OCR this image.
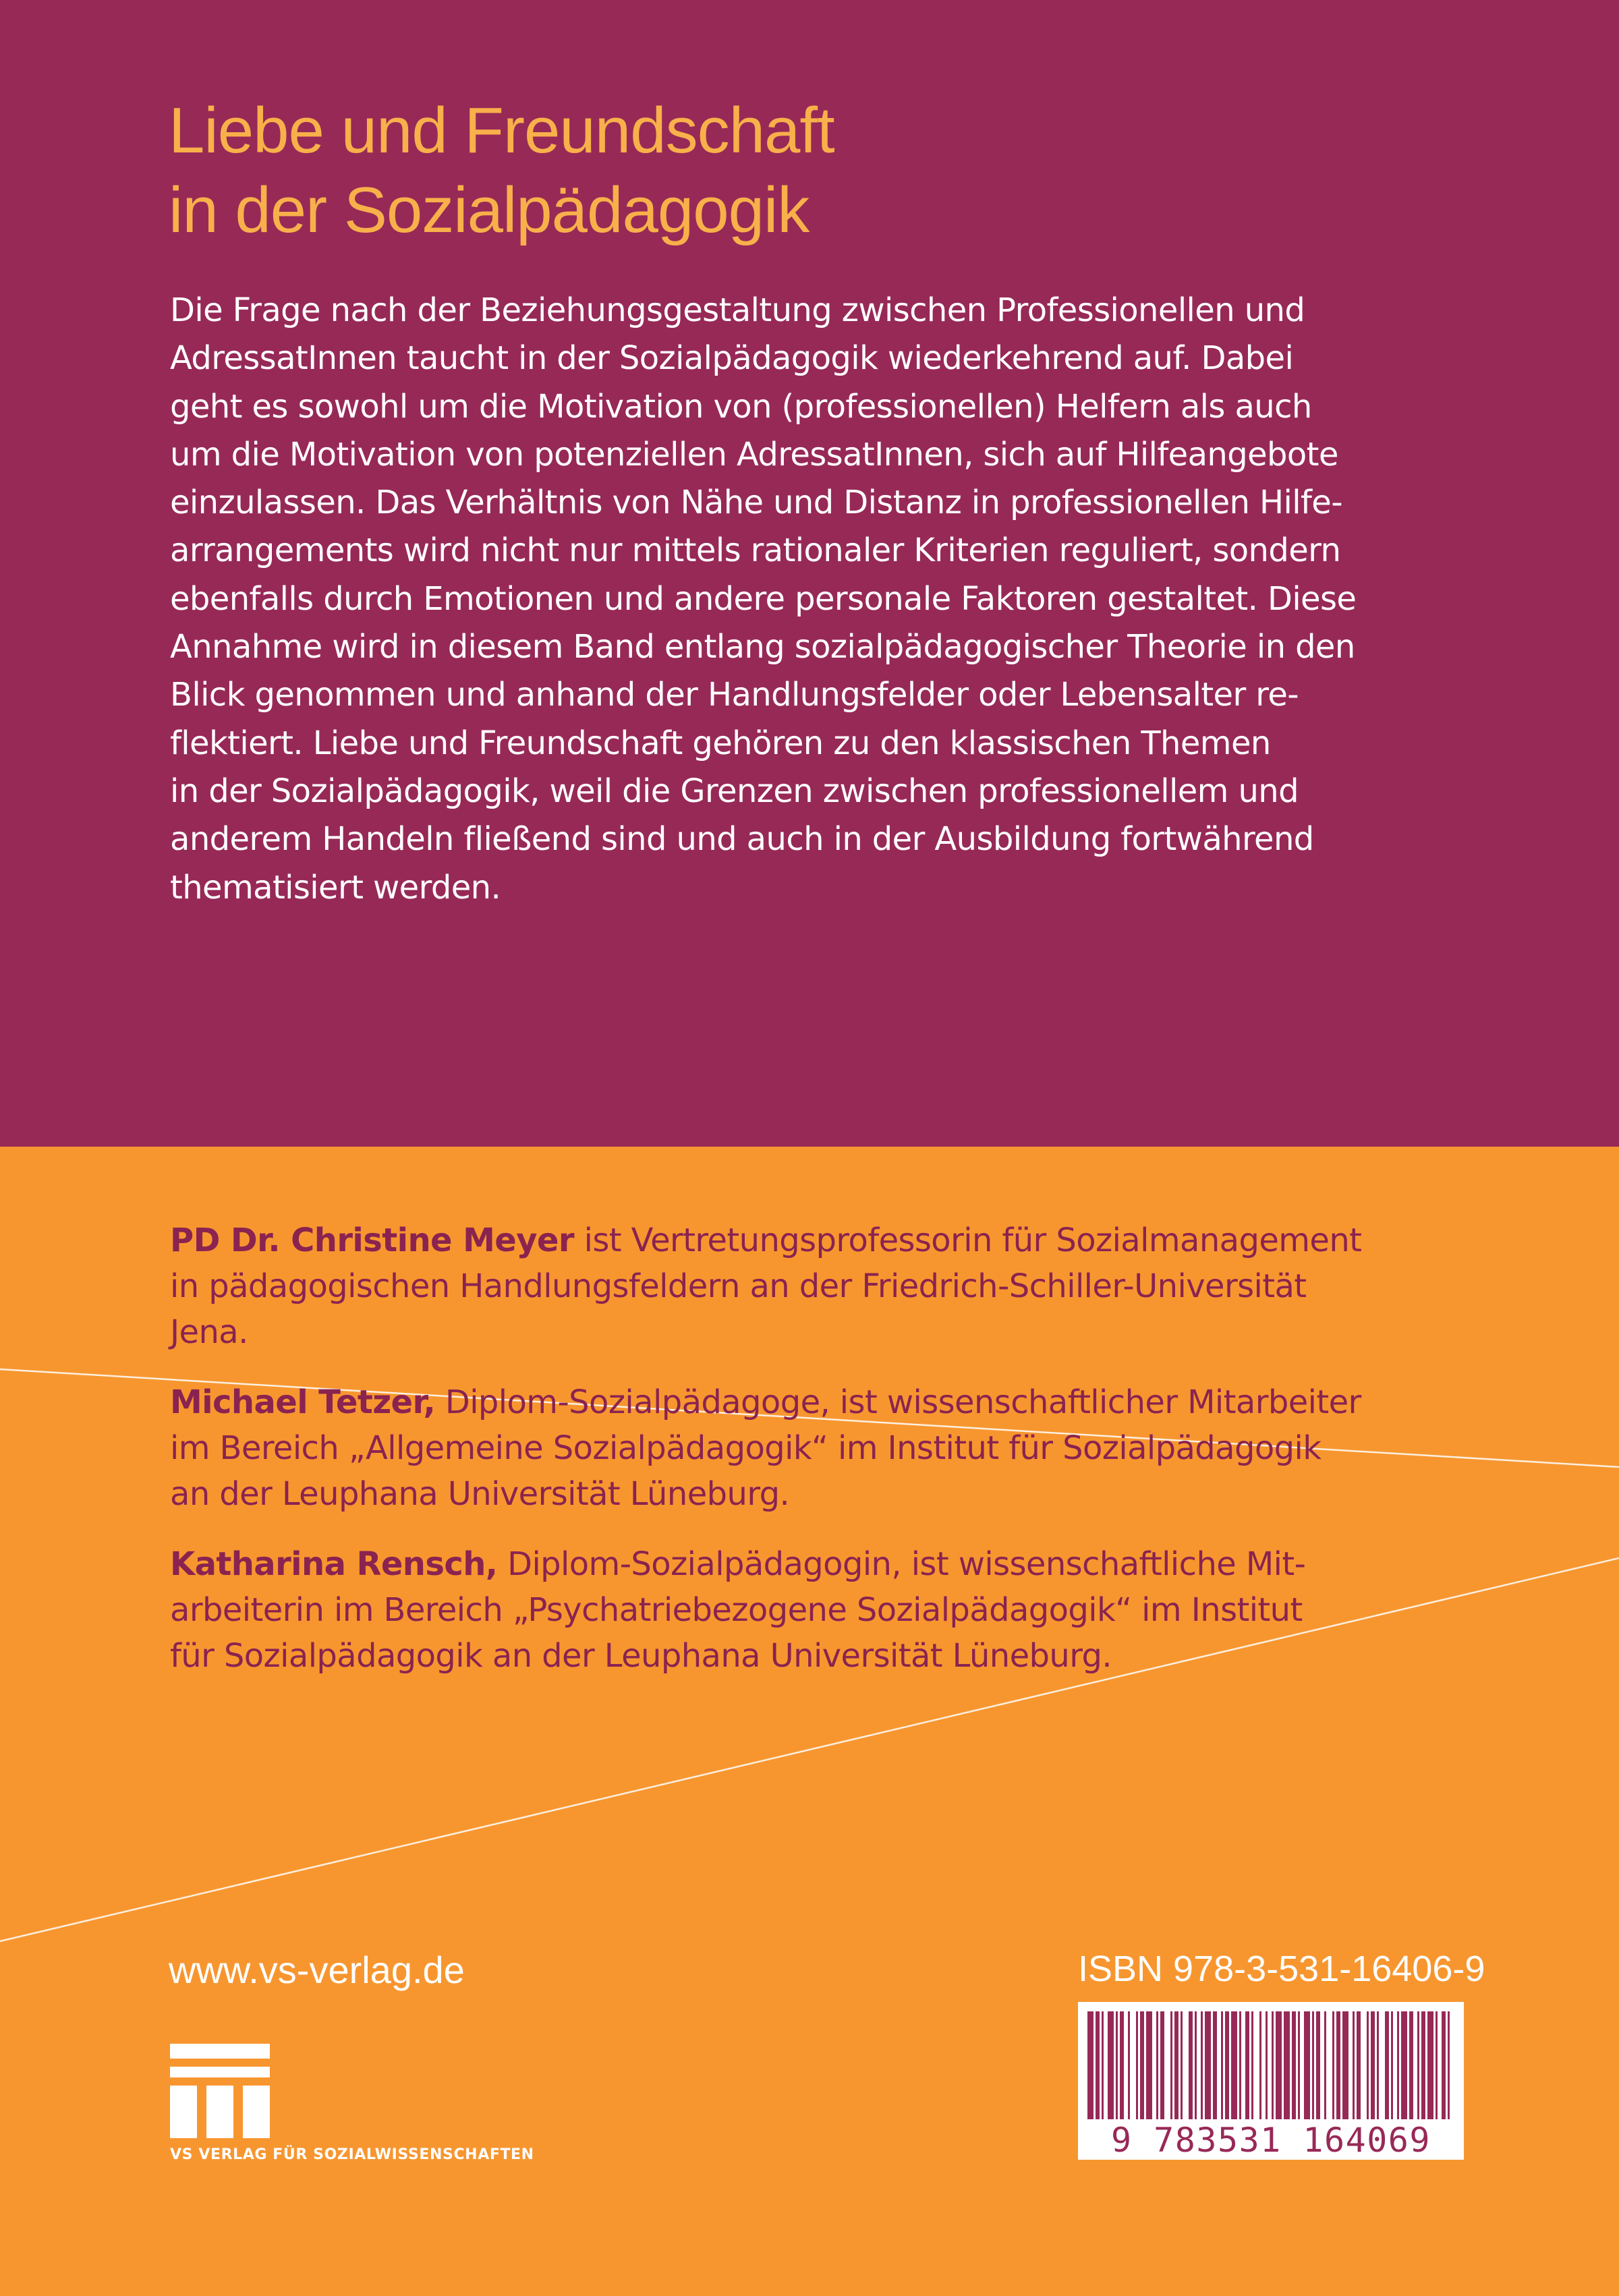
Liebe und Freundschaft
in der Sozialpädagogik

Die Frage nach der Beziehungsgestaltung zwischen Professionellen und
AdressatInnen taucht in der Sozialpädagogik wiederkehrend auf. Dabei
geht es sowohl um die Motivation von (professionellen) Helfern als auch
um die Motivation von potenziellen AdressatInnen, sich auf Hilfeangebote
einzulassen. Das Verhältnis von Nähe und Distanz in professionellen Hilfe-
arrangements wird nicht nur mittels rationaler Kriterien reguliert, sondern
ebenfalls durch Emotionen und andere personale Faktoren gestaltet. Diese
Annahme wird in diesem Band entlang sozialpädagogischer Theorie in den
Blick genommen und anhand der Handlungsfelder oder Lebensalter re-
flektiert. Liebe und Freundschaft gehören zu den klassischen Themen
in der Sozialpädagogik, weil die Grenzen zwischen professionellem und
anderem Handeln fließend sind und auch in der Ausbildung fortwährend
thematisiert werden.

PD Dr. Christine Meyer ist Vertretungsprofessorin für Sozialmanagement
in pädagogischen Handlungsfeldern an der Friedrich-Schiller-Universität
Jena.

Michael Tetzer, Diplom-Sozialpädagoge, ist wissenschaftlicher Mitarbeiter
im Bereich „Allgemeine Sozialpädagogik“ im Institut für Sozialpädagogik
an der Leuphana Universität Lüneburg.

Katharina Rensch, Diplom-Sozialpädagogin, ist wissenschaftliche Mit-
arbeiterin im Bereich „Psychatriebezogene Sozialpädagogik“ im Institut
für Sozialpädagogik an der Leuphana Universität Lüneburg.

www.vs-verlag.de	ISBN 978-3-531-16406-9
9 783531 164069
VS VERLAG FÜR SOZIALWISSENSCHAFTEN
